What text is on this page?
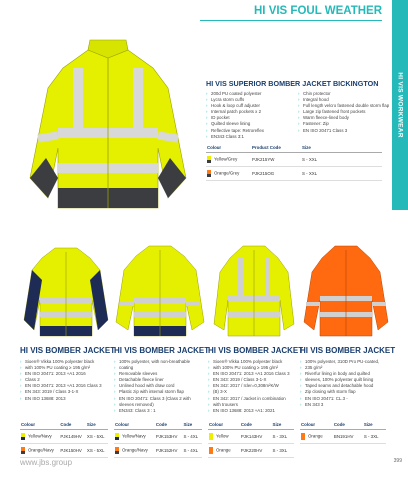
HI VIS FOUL WEATHER
HI VIS WORKWEAR
HI VIS SUPERIOR BOMBER JACKET BICKINGTON
› 200d PU coated polyester
› Lycra storm cuffs
› Hook & loop cuff adjuster
› Internal patch pockets x 2
› ID pocket
› Quilted sleeve lining
› Reflective tape: Retroreflex
› EN343 Class 3:1
› Chin protector
› Integral hood
› Full length velcro fastened double storm flap
› Large zip fastened front pockets
› Warm fleece-lined body
› Fastener: Zip
› EN ISO 20471 Class 3
Colour	Product Code	Size
Yellow/Grey	PJK215YW	S - XXL
Orange/Grey	PJK215OG	S - XXL
HI VIS BOMBER JACKET
› Sioen® Vikka 100% polyester black
› with 100% PU coating ≥ 195 g/m²
› EN ISO 20471: 2013 +A1 2016
› Class 2
› EN ISO 20471: 2013 +A1 2016 Class 3
› EN 343: 2019 / Class 3-1-X
› EN ISO 13688: 2013
Colour	Code	Size
Yellow/Navy	PJK149HV	XS - 5XL
Orange/Navy	PJK150HV	XS - 5XL
HI VIS BOMBER JACKET
› 100% polyester, with non-breathable
› coating
› Removable sleeves
› Detachable fleece liner
› Unlined hood with draw cord
› Plastic zip with internal storm flap
› EN ISO 20471: Class 3 (Class 2 with
› sleeves removed)
› EN343: Class 3 : 1
Colour	Code	Size
Yellow/Navy	PJK153HV	S - 4XL
Orange/Navy	PJK152HV	S - 4XL
HI VIS BOMBER JACKET
› Sioen® Vikka 100% polyester black
› with 100% PU coating ≥ 195 g/m²
› EN ISO 20471: 2013 +A1 2016 Class 3
› EN 343: 2019 / Class 3-1-X
› EN 342: 2017 / Icler=0,308m²K/W
› (B) 3-X
› EN 342: 2017 / Jacket in combination
› with trousers
› EN ISO 13688: 2013 +A1: 2021
Colour	Code	Size
Yellow	PJK143HV	S - 3XL
Orange	PJK220HV	S - 3XL
HI VIS BOMBER JACKET
› 100% polyester, 310D Pro PU-coated,
› 235 g/m²
› Riverfur lining in body and quilted
› sleeves, 100% polyester quilt lining
› Taped seams and detachable hood
› Zip closing with storm flap
› EN ISO 20471: CL.3 -
› EN 343 3
Colour	Code	Size
Orange	BN191HV	S - 3XL
www.jbs.group	399
